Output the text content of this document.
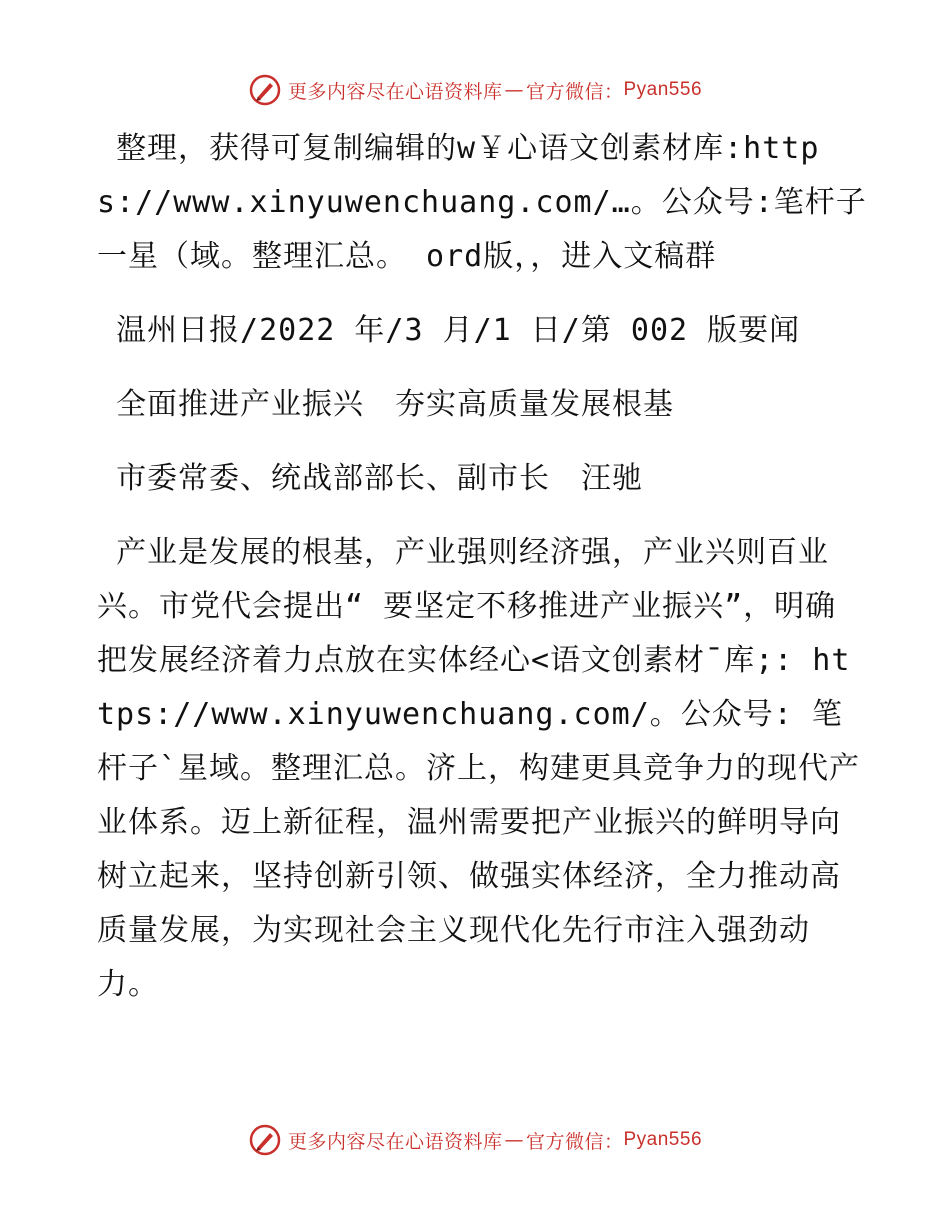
更多内容尽在心语资料库 — 官方微信： Pyan556

整理，获得可复制编辑的w￥心语文创素材库:https://www.xinyuwenchuang.com/…。公众号:笔杆子一星（域。整理汇总。 ord版，，进入文稿群

温州日报/2022 年/3 月/1 日/第 002 版要闻

全面推进产业振兴　夯实高质量发展根基

市委常委、统战部部长、副市长　汪驰

产业是发展的根基，产业强则经济强，产业兴则百业兴。市党代会提出“ 要坚定不移推进产业振兴”，明确把发展经济着力点放在实体经心<语文创素材¯库;: https://www.xinyuwenchuang.com/。公众号: 笔杆子`星域。整理汇总。济上，构建更具竞争力的现代产业体系。迈上新征程，温州需要把产业振兴的鲜明导向树立起来，坚持创新引领、做强实体经济，全力推动高质量发展，为实现社会主义现代化先行市注入强劲动力。

更多内容尽在心语资料库 — 官方微信： Pyan556
